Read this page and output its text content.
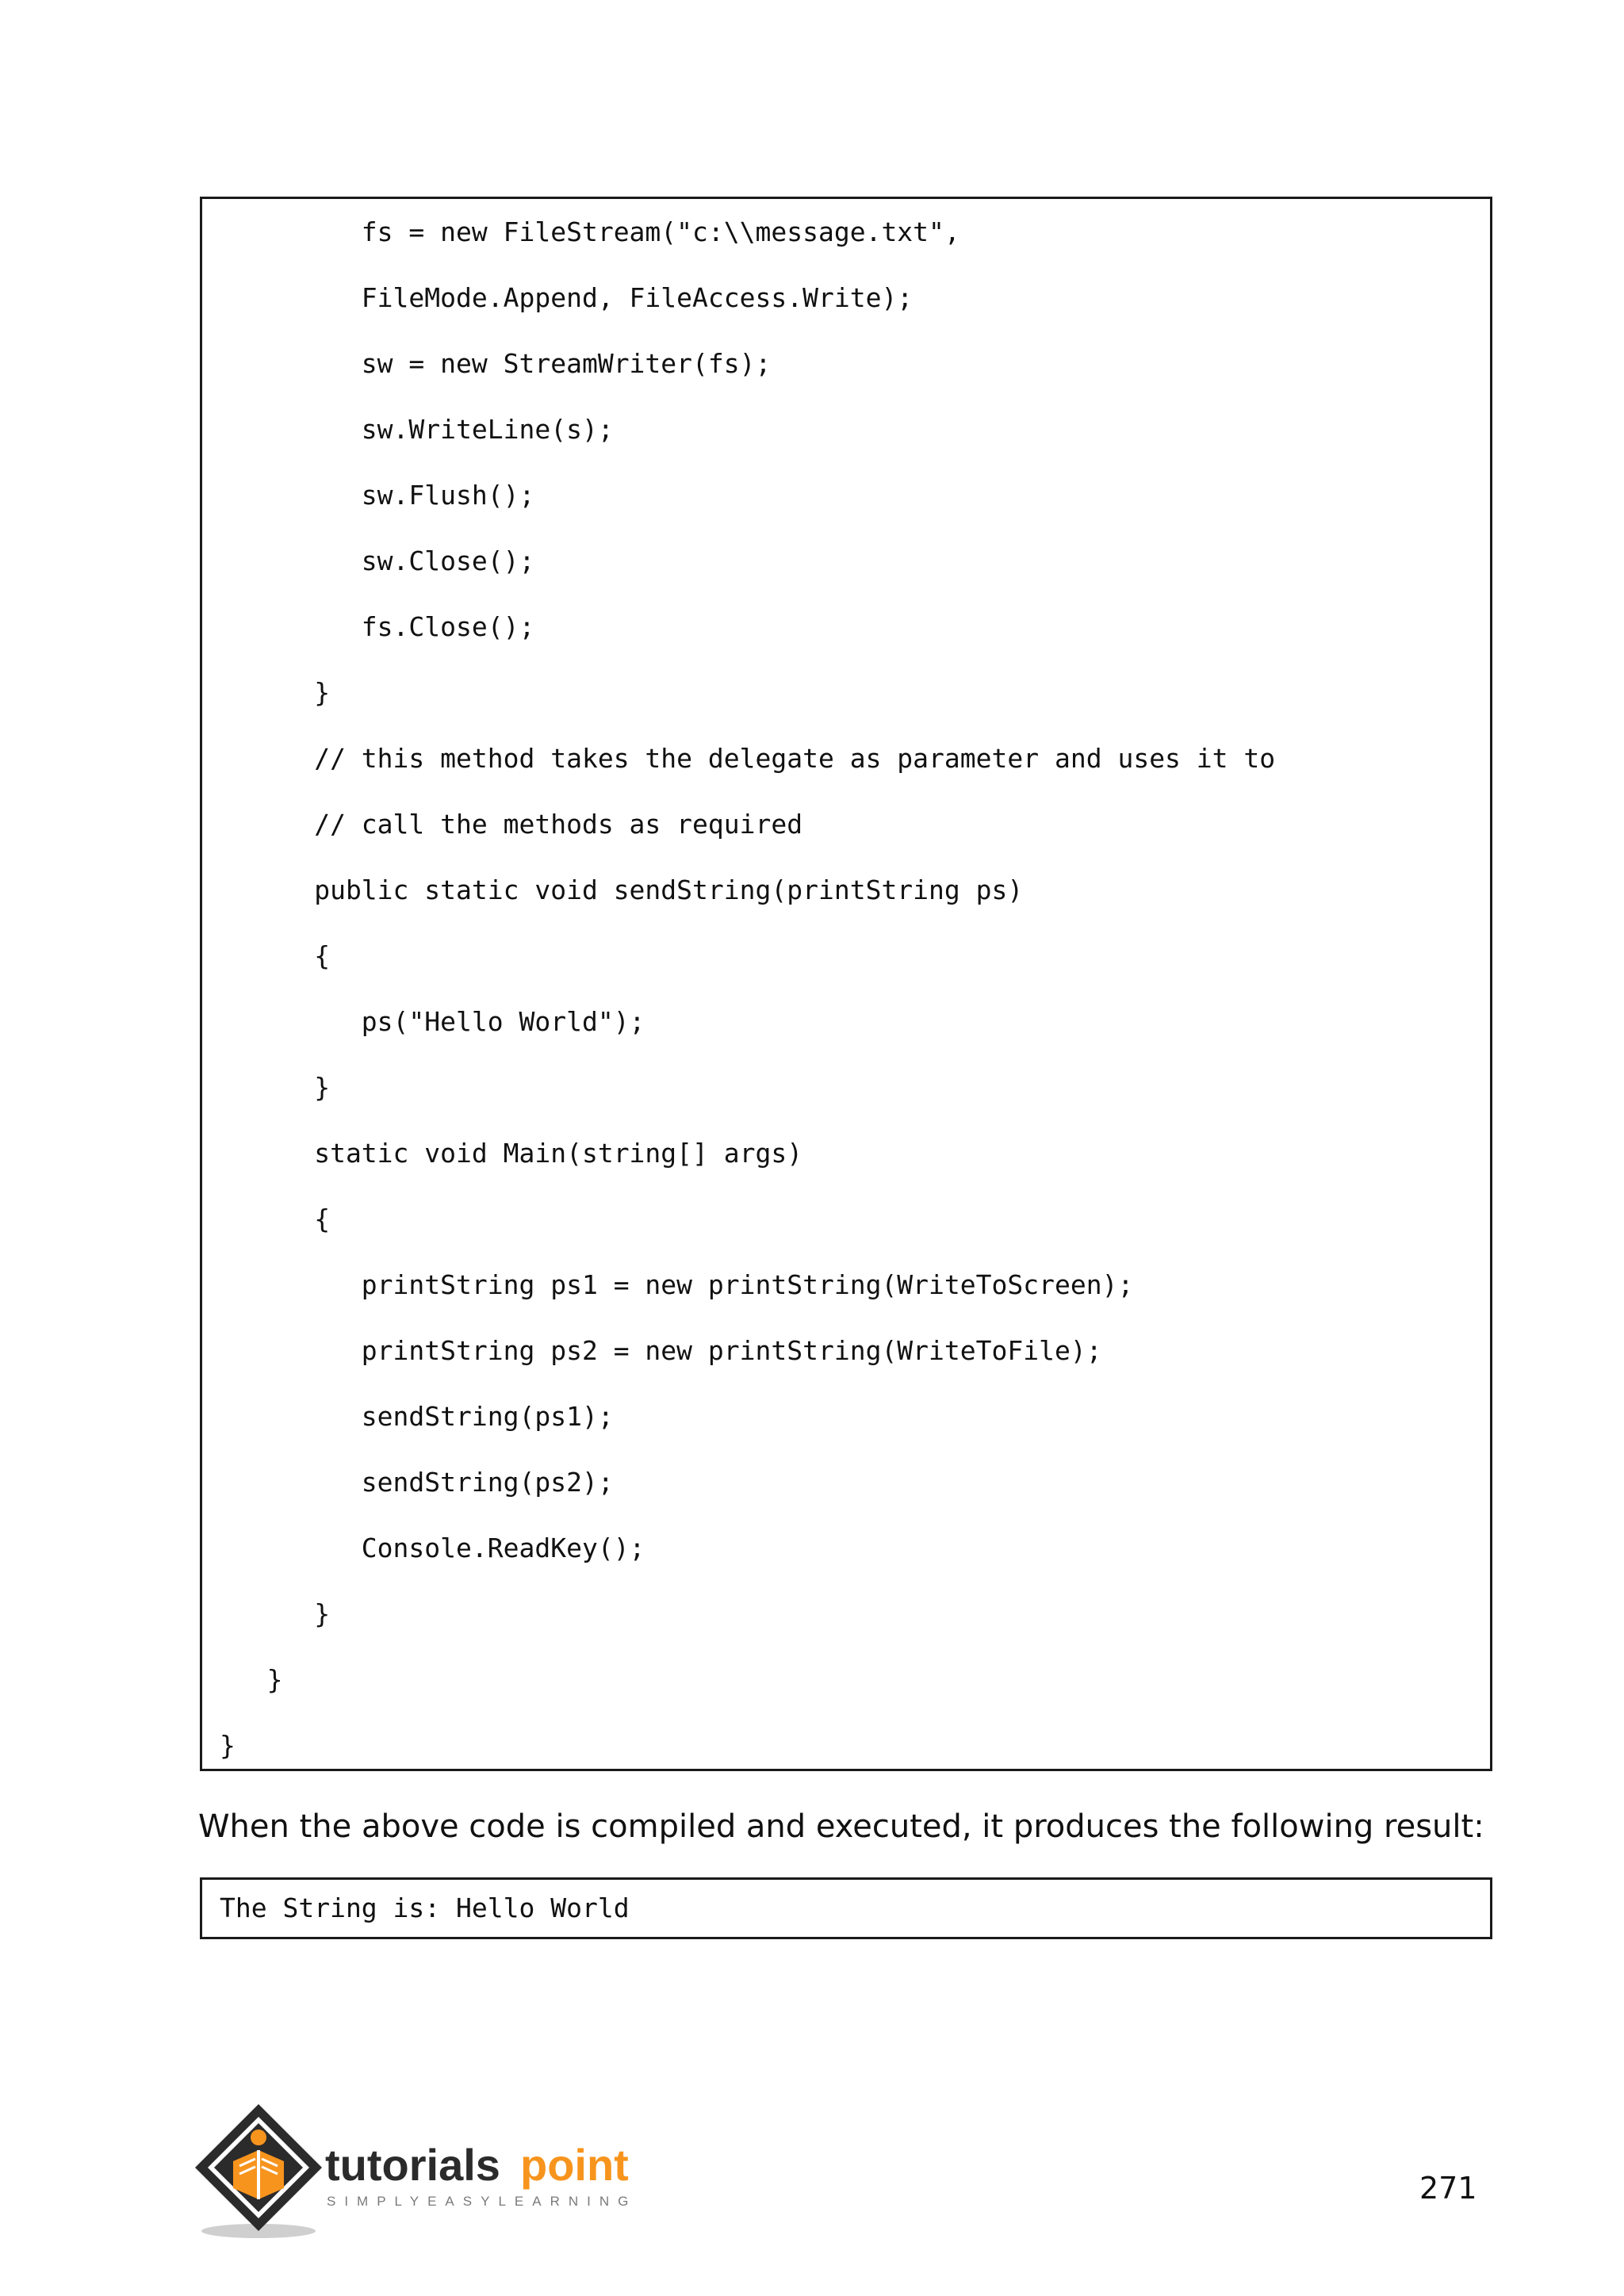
fs = new FileStream("c:\\message.txt",
FileMode.Append, FileAccess.Write);
sw = new StreamWriter(fs);
sw.WriteLine(s);
sw.Flush();
sw.Close();
fs.Close();
}
// this method takes the delegate as parameter and uses it to
// call the methods as required
public static void sendString(printString ps)
{
ps("Hello World");
}
static void Main(string[] args)
{
printString ps1 = new printString(WriteToScreen);
printString ps2 = new printString(WriteToFile);
sendString(ps1);
sendString(ps2);
Console.ReadKey();
}
}
}
When the above code is compiled and executed, it produces the following result:
The String is: Hello World
tutorials point
SIMPLYEASYLEARNING	271
